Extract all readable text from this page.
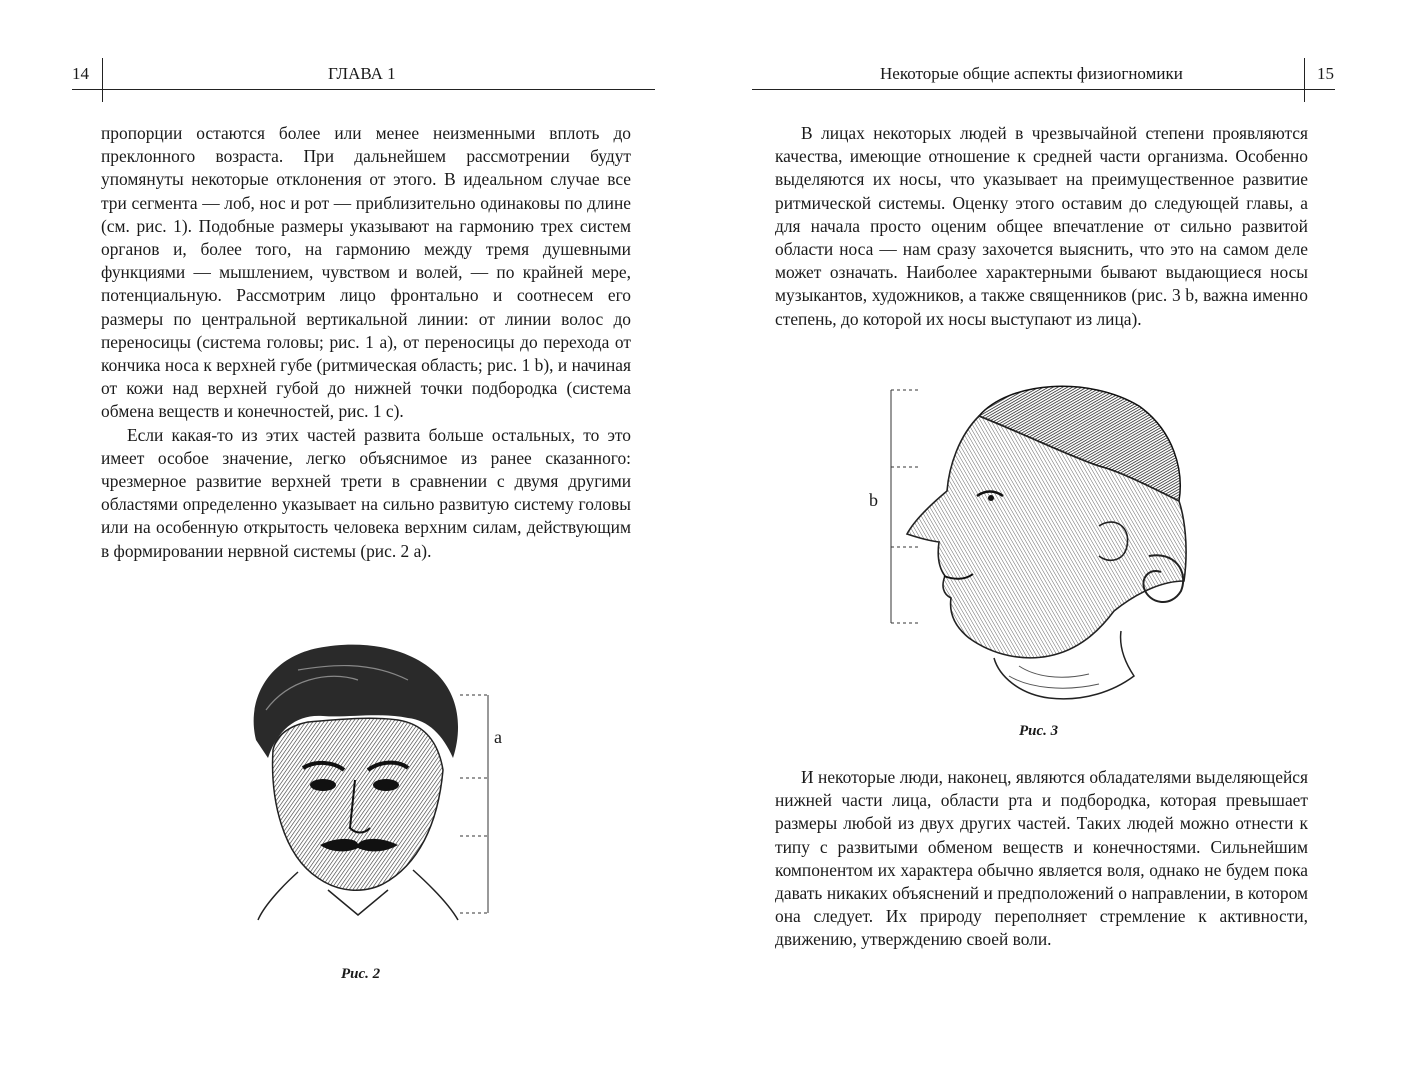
14	ГЛАВА 1

пропорции остаются более или менее неизменными вплоть до преклонного возраста. При дальнейшем рассмотрении будут упомянуты некоторые отклонения от этого. В идеальном случае все три сегмента — лоб, нос и рот — приблизительно одинаковы по длине (см. рис. 1). Подобные размеры указывают на гармонию трех систем органов и, более того, на гармонию между тремя душевными функциями — мышлением, чувством и волей, — по крайней мере, потенциальную. Рассмотрим лицо фронтально и соотнесем его размеры по центральной вертикальной линии: от линии волос до переносицы (система головы; рис. 1 a), от переносицы до перехода от кончика носа к верхней губе (ритмическая область; рис. 1 b), и начиная от кожи над верхней губой до нижней точки подбородка (система обмена веществ и конечностей, рис. 1 c).

Если какая-то из этих частей развита больше остальных, то это имеет особое значение, легко объяснимое из ранее сказанного: чрезмерное развитие верхней трети в сравнении с двумя другими областями определенно указывает на сильно развитую систему головы или на особенную открытость человека верхним силам, действующим в формировании нервной системы (рис. 2 a).

a
Рис. 2
Некоторые общие аспекты физиогномики	15

В лицах некоторых людей в чрезвычайной степени проявляются качества, имеющие отношение к средней части организма. Особенно выделяются их носы, что указывает на преимущественное развитие ритмической системы. Оценку этого оставим до следующей главы, а для начала просто оценим общее впечатление от сильно развитой области носа — нам сразу захочется выяснить, что это на самом деле может означать. Наиболее характерными бывают выдающиеся носы музыкантов, художников, а также священников (рис. 3 b, важна именно степень, до которой их носы выступают из лица).

b
Рис. 3

И некоторые люди, наконец, являются обладателями выделяющейся нижней части лица, области рта и подбородка, которая превышает размеры любой из двух других частей. Таких людей можно отнести к типу с развитыми обменом веществ и конечностями. Сильнейшим компонентом их характера обычно является воля, однако не будем пока давать никаких объяснений и предположений о направлении, в котором она следует. Их природу переполняет стремление к активности, движению, утверждению своей воли.
